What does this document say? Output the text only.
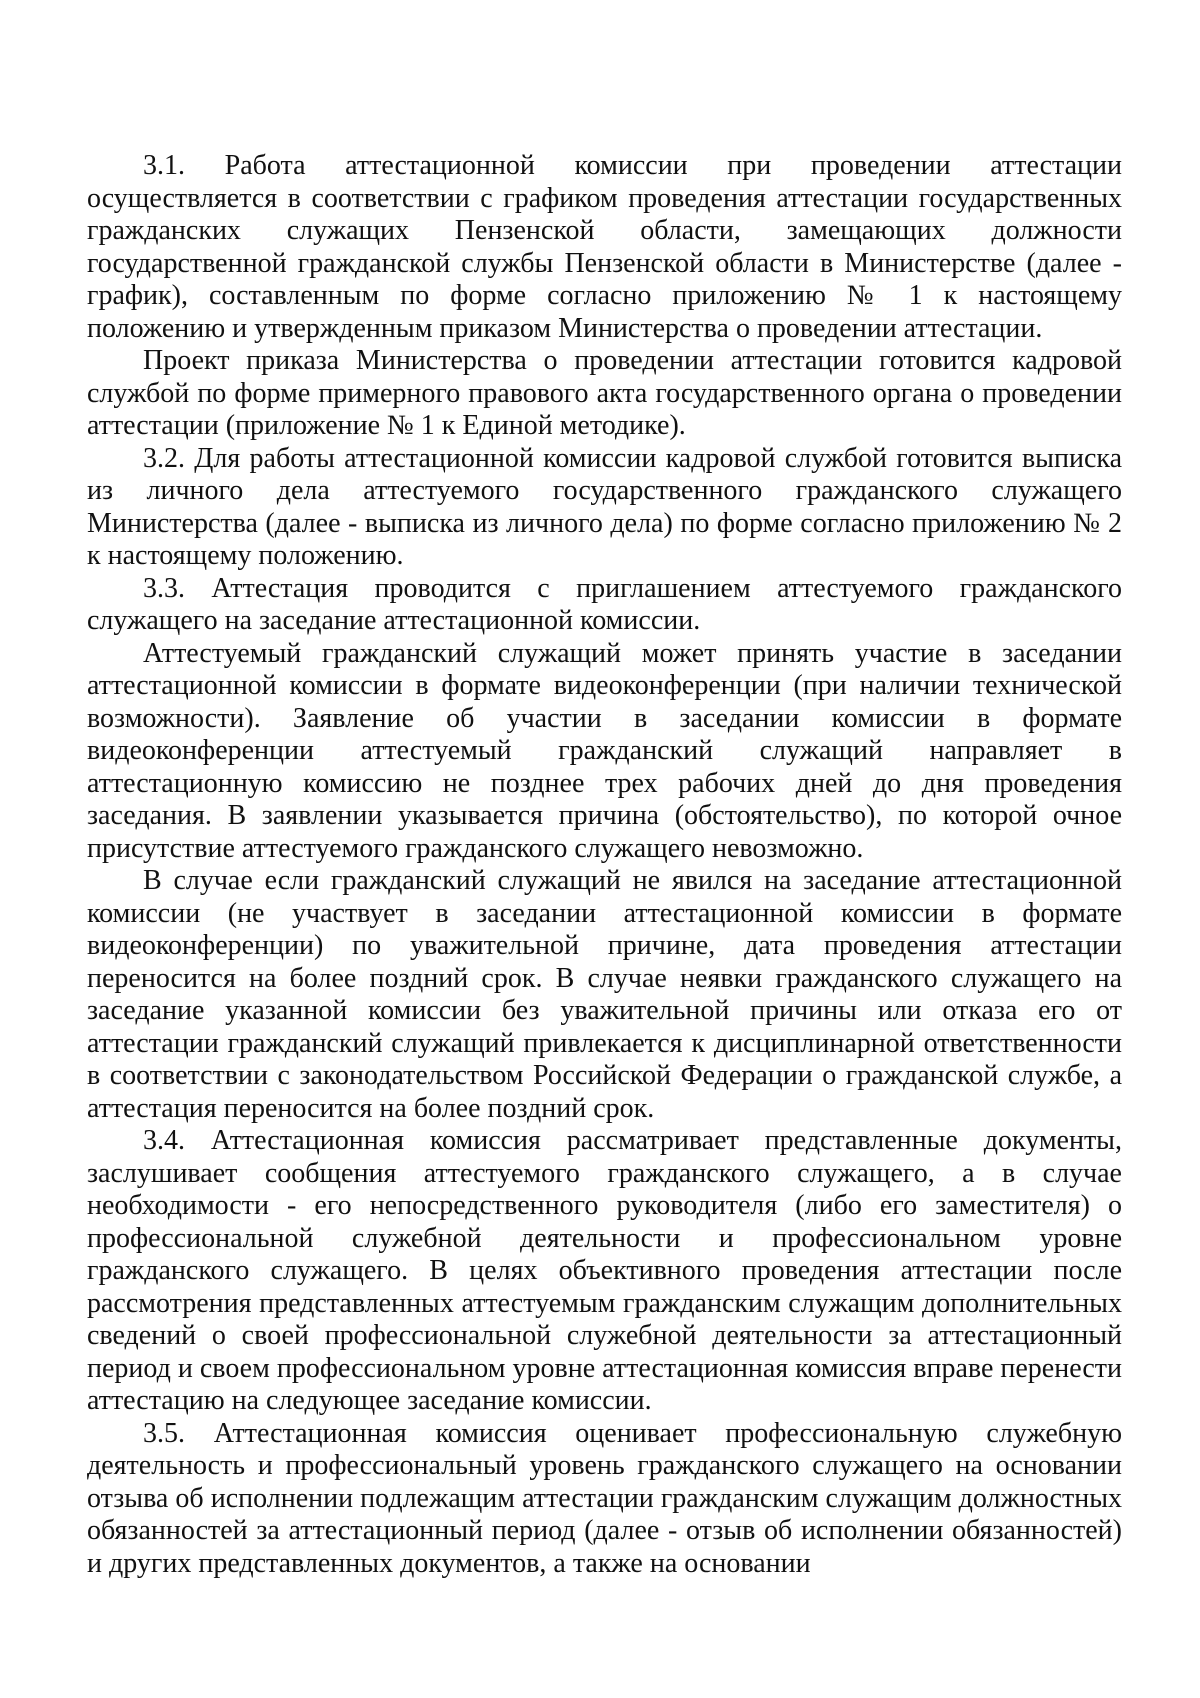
3.1. Работа аттестационной комиссии при проведении аттестации осуществляется в соответствии с графиком проведения аттестации государственных гражданских служащих Пензенской области, замещающих должности государственной гражданской службы Пензенской области в Министерстве (далее - график), составленным по форме согласно приложению № 1 к настоящему положению и утвержденным приказом Министерства о проведении аттестации.

Проект приказа Министерства о проведении аттестации готовится кадровой службой по форме примерного правового акта государственного органа о проведении аттестации (приложение № 1 к Единой методике).

3.2. Для работы аттестационной комиссии кадровой службой готовится выписка из личного дела аттестуемого государственного гражданского служащего Министерства (далее - выписка из личного дела) по форме согласно приложению № 2 к настоящему положению.

3.3. Аттестация проводится с приглашением аттестуемого гражданского служащего на заседание аттестационной комиссии.

Аттестуемый гражданский служащий может принять участие в заседании аттестационной комиссии в формате видеоконференции (при наличии технической возможности). Заявление об участии в заседании комиссии в формате видеоконференции аттестуемый гражданский служащий направляет в аттестационную комиссию не позднее трех рабочих дней до дня проведения заседания. В заявлении указывается причина (обстоятельство), по которой очное присутствие аттестуемого гражданского служащего невозможно.

В случае если гражданский служащий не явился на заседание аттестационной комиссии (не участвует в заседании аттестационной комиссии в формате видеоконференции) по уважительной причине, дата проведения аттестации переносится на более поздний срок. В случае неявки гражданского служащего на заседание указанной комиссии без уважительной причины или отказа его от аттестации гражданский служащий привлекается к дисциплинарной ответственности в соответствии с законодательством Российской Федерации о гражданской службе, а аттестация переносится на более поздний срок.

3.4. Аттестационная комиссия рассматривает представленные документы, заслушивает сообщения аттестуемого гражданского служащего, а в случае необходимости - его непосредственного руководителя (либо его заместителя) о профессиональной служебной деятельности и профессиональном уровне гражданского служащего. В целях объективного проведения аттестации после рассмотрения представленных аттестуемым гражданским служащим дополнительных сведений о своей профессиональной служебной деятельности за аттестационный период и своем профессиональном уровне аттестационная комиссия вправе перенести аттестацию на следующее заседание комиссии.

3.5. Аттестационная комиссия оценивает профессиональную служебную деятельность и профессиональный уровень гражданского служащего на основании отзыва об исполнении подлежащим аттестации гражданским служащим должностных обязанностей за аттестационный период (далее - отзыв об исполнении обязанностей) и других представленных документов, а также на основании
